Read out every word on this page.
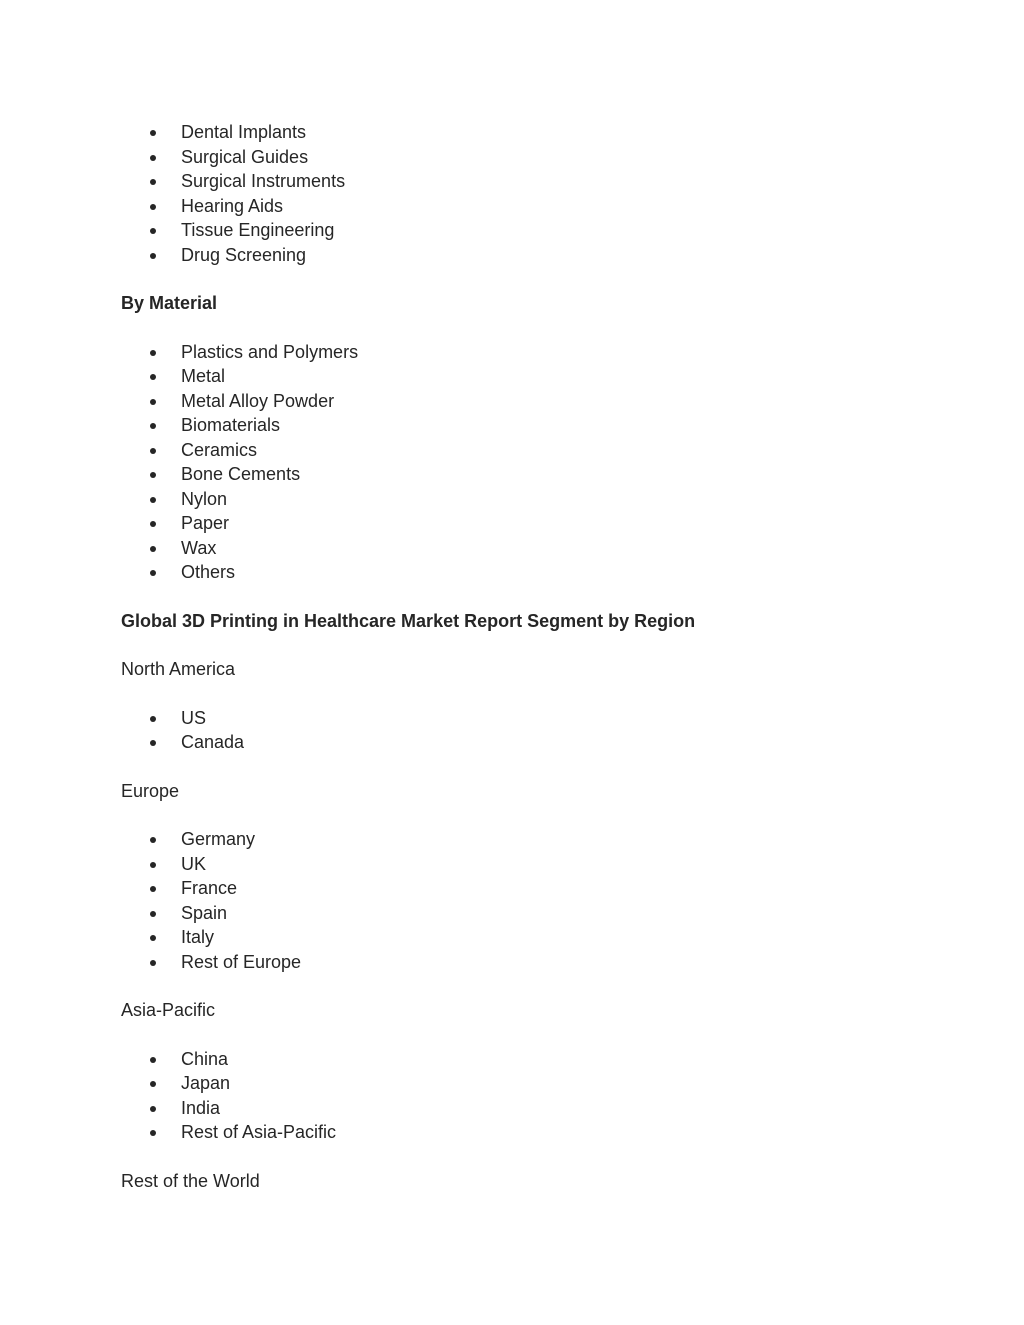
Dental Implants
Surgical Guides
Surgical Instruments
Hearing Aids
Tissue Engineering
Drug Screening
By Material
Plastics and Polymers
Metal
Metal Alloy Powder
Biomaterials
Ceramics
Bone Cements
Nylon
Paper
Wax
Others
Global 3D Printing in Healthcare Market Report Segment by Region
North America
US
Canada
Europe
Germany
UK
France
Spain
Italy
Rest of Europe
Asia-Pacific
China
Japan
India
Rest of Asia-Pacific
Rest of the World
